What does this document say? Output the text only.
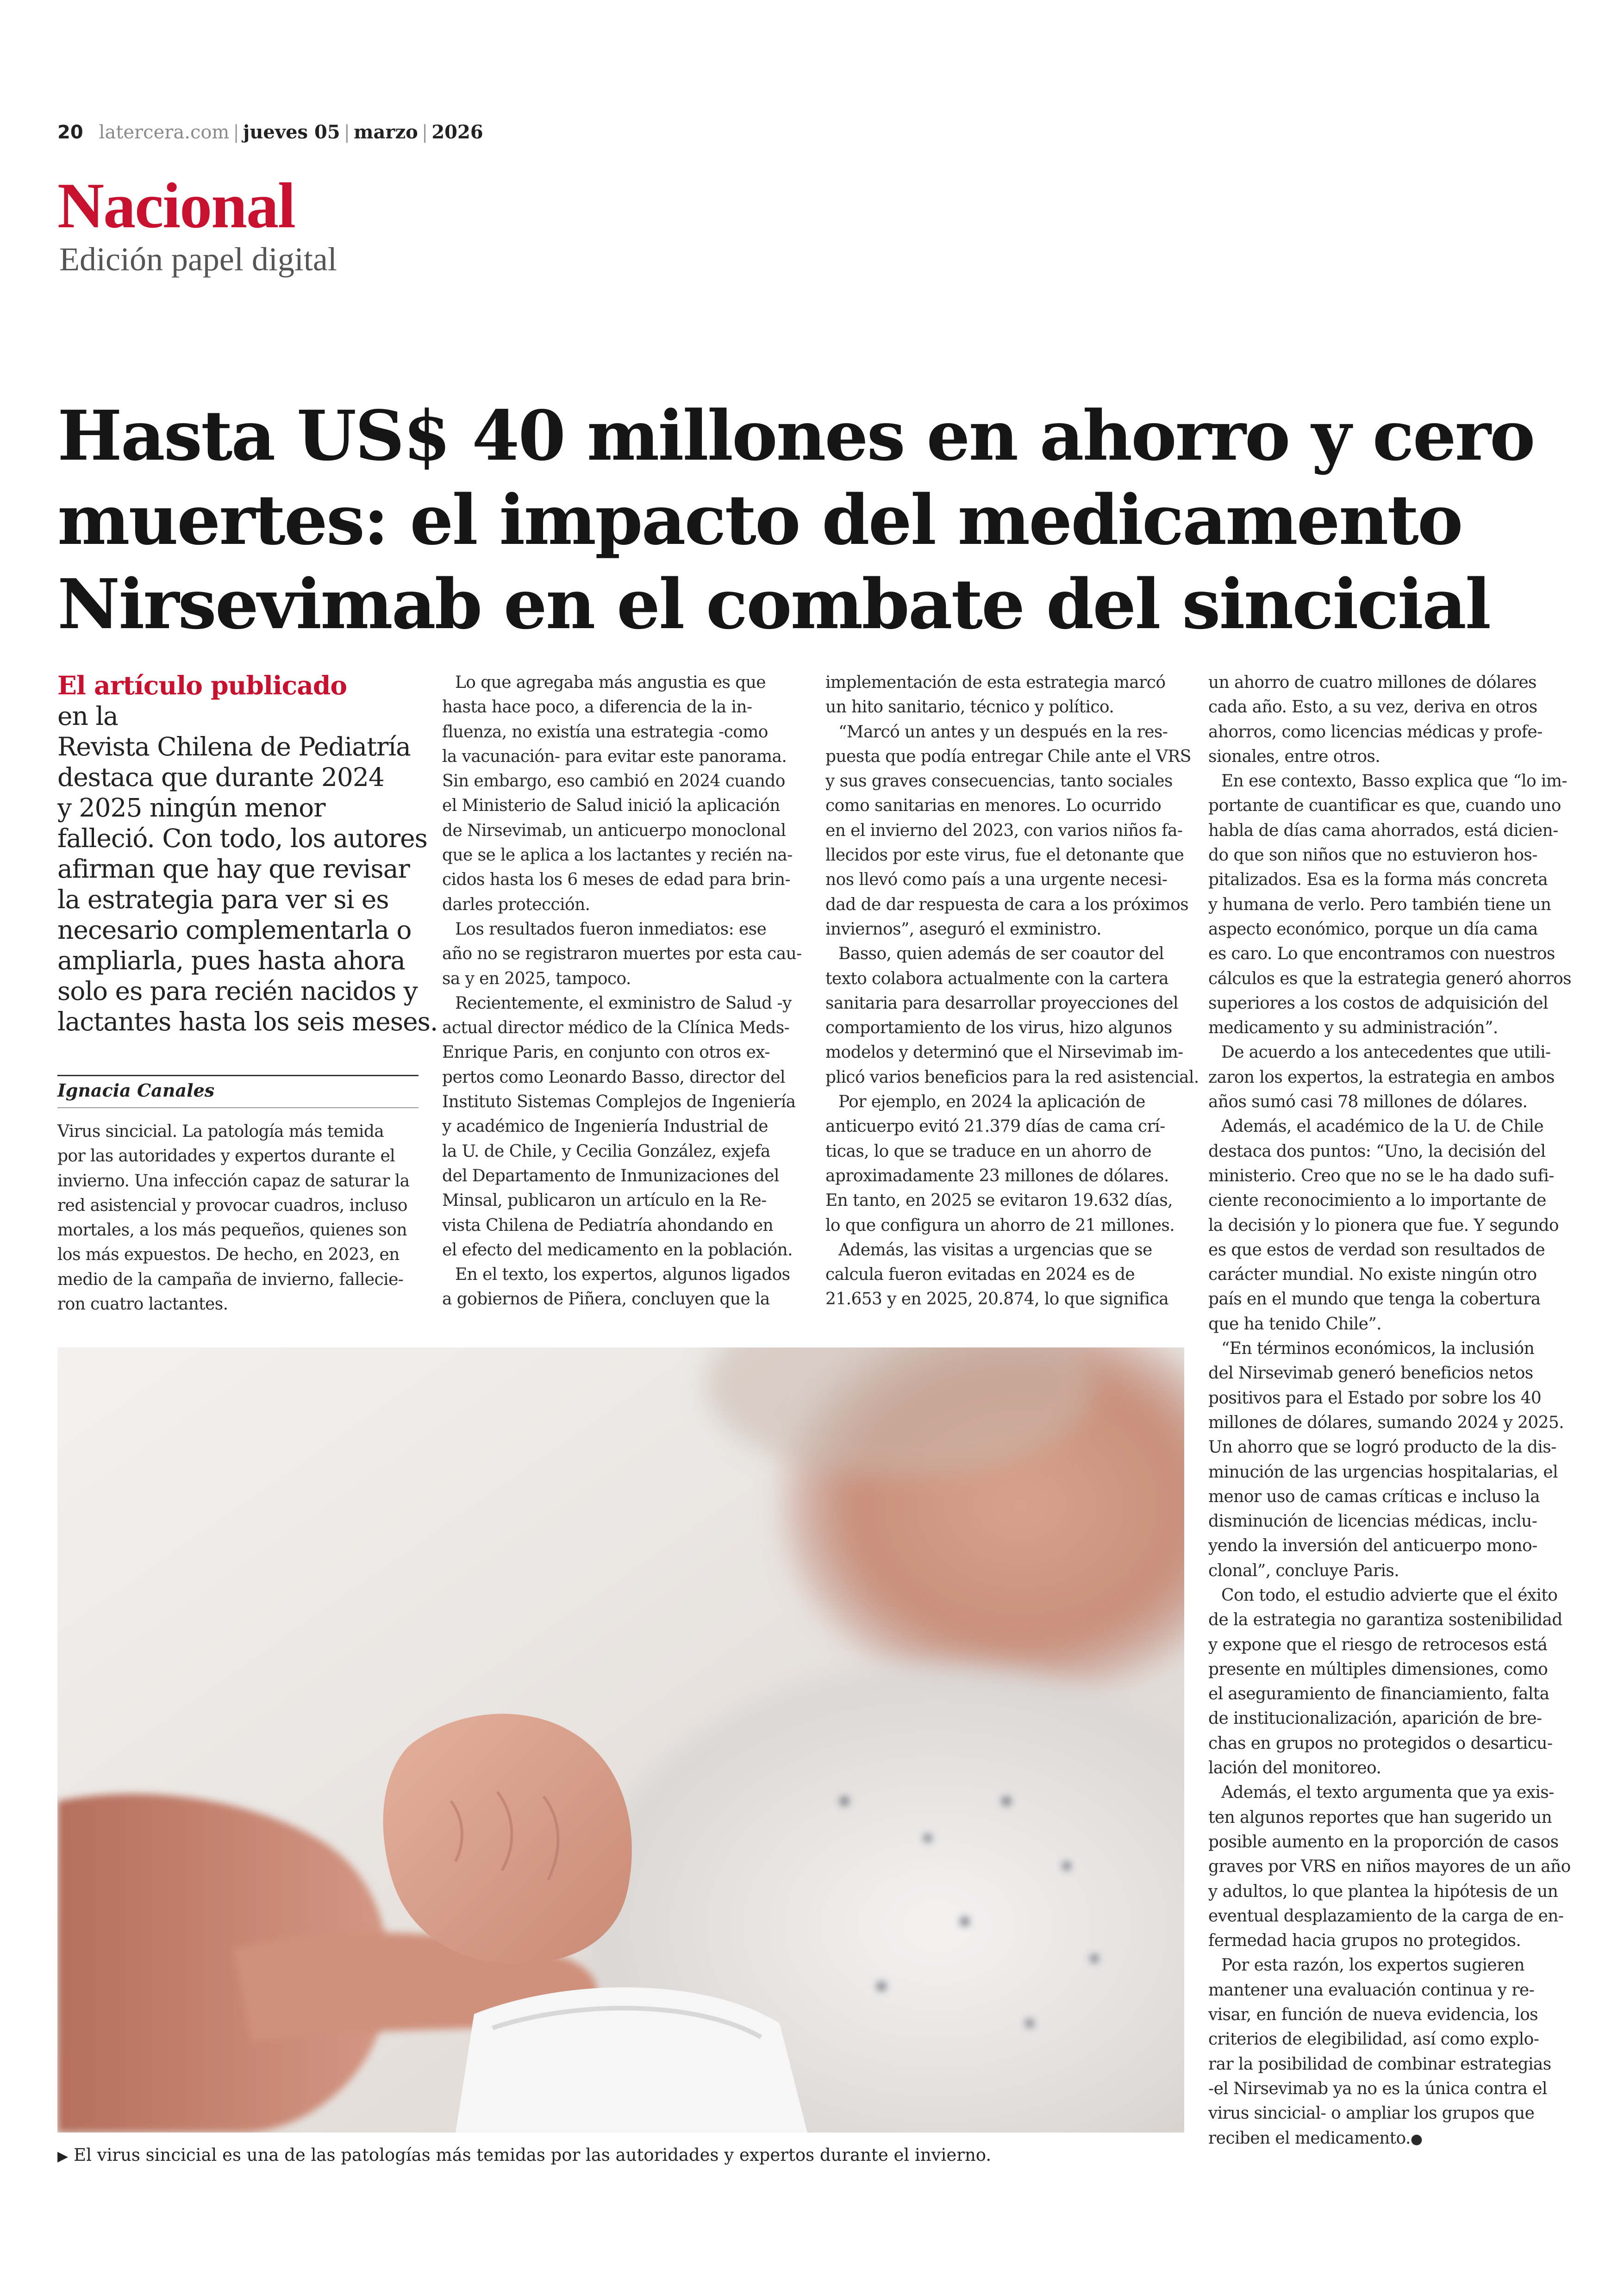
20 latercera.com | jueves 05 | marzo | 2026
Nacional
Edición papel digital
Hasta US$ 40 millones en ahorro y cero
muertes: el impacto del medicamento
Nirsevimab en el combate del sincicial
El artículo publicado
en la
Revista Chilena de Pediatría
destaca que durante 2024
y 2025 ningún menor
falleció. Con todo, los autores
afirman que hay que revisar
la estrategia para ver si es
necesario complementarla o
ampliarla, pues hasta ahora
solo es para recién nacidos y
lactantes hasta los seis meses.
Ignacia Canales
Virus sincicial. La patología más temida
por las autoridades y expertos durante el
invierno. Una infección capaz de saturar la
red asistencial y provocar cuadros, incluso
mortales, a los más pequeños, quienes son
los más expuestos. De hecho, en 2023, en
medio de la campaña de invierno, fallecie-
ron cuatro lactantes.
Lo que agregaba más angustia es que
hasta hace poco, a diferencia de la in-
fluenza, no existía una estrategia -como
la vacunación- para evitar este panorama.
Sin embargo, eso cambió en 2024 cuando
el Ministerio de Salud inició la aplicación
de Nirsevimab, un anticuerpo monoclonal
que se le aplica a los lactantes y recién na-
cidos hasta los 6 meses de edad para brin-
darles protección.
Los resultados fueron inmediatos: ese
año no se registraron muertes por esta cau-
sa y en 2025, tampoco.
Recientemente, el exministro de Salud -y
actual director médico de la Clínica Meds-
Enrique Paris, en conjunto con otros ex-
pertos como Leonardo Basso, director del
Instituto Sistemas Complejos de Ingeniería
y académico de Ingeniería Industrial de
la U. de Chile, y Cecilia González, exjefa
del Departamento de Inmunizaciones del
Minsal, publicaron un artículo en la Re-
vista Chilena de Pediatría ahondando en
el efecto del medicamento en la población.
En el texto, los expertos, algunos ligados
a gobiernos de Piñera, concluyen que la
implementación de esta estrategia marcó
un hito sanitario, técnico y político.
“Marcó un antes y un después en la res-
puesta que podía entregar Chile ante el VRS
y sus graves consecuencias, tanto sociales
como sanitarias en menores. Lo ocurrido
en el invierno del 2023, con varios niños fa-
llecidos por este virus, fue el detonante que
nos llevó como país a una urgente necesi-
dad de dar respuesta de cara a los próximos
inviernos”, aseguró el exministro.
Basso, quien además de ser coautor del
texto colabora actualmente con la cartera
sanitaria para desarrollar proyecciones del
comportamiento de los virus, hizo algunos
modelos y determinó que el Nirsevimab im-
plicó varios beneficios para la red asistencial.
Por ejemplo, en 2024 la aplicación de
anticuerpo evitó 21.379 días de cama crí-
ticas, lo que se traduce en un ahorro de
aproximadamente 23 millones de dólares.
En tanto, en 2025 se evitaron 19.632 días,
lo que configura un ahorro de 21 millones.
Además, las visitas a urgencias que se
calcula fueron evitadas en 2024 es de
21.653 y en 2025, 20.874, lo que significa
un ahorro de cuatro millones de dólares
cada año. Esto, a su vez, deriva en otros
ahorros, como licencias médicas y profe-
sionales, entre otros.
En ese contexto, Basso explica que “lo im-
portante de cuantificar es que, cuando uno
habla de días cama ahorrados, está dicien-
do que son niños que no estuvieron hos-
pitalizados. Esa es la forma más concreta
y humana de verlo. Pero también tiene un
aspecto económico, porque un día cama
es caro. Lo que encontramos con nuestros
cálculos es que la estrategia generó ahorros
superiores a los costos de adquisición del
medicamento y su administración”.
De acuerdo a los antecedentes que utili-
zaron los expertos, la estrategia en ambos
años sumó casi 78 millones de dólares.
Además, el académico de la U. de Chile
destaca dos puntos: “Uno, la decisión del
ministerio. Creo que no se le ha dado sufi-
ciente reconocimiento a lo importante de
la decisión y lo pionera que fue. Y segundo
es que estos de verdad son resultados de
carácter mundial. No existe ningún otro
país en el mundo que tenga la cobertura
que ha tenido Chile”.
“En términos económicos, la inclusión
del Nirsevimab generó beneficios netos
positivos para el Estado por sobre los 40
millones de dólares, sumando 2024 y 2025.
Un ahorro que se logró producto de la dis-
minución de las urgencias hospitalarias, el
menor uso de camas críticas e incluso la
disminución de licencias médicas, inclu-
yendo la inversión del anticuerpo mono-
clonal”, concluye Paris.
Con todo, el estudio advierte que el éxito
de la estrategia no garantiza sostenibilidad
y expone que el riesgo de retrocesos está
presente en múltiples dimensiones, como
el aseguramiento de financiamiento, falta
de institucionalización, aparición de bre-
chas en grupos no protegidos o desarticu-
lación del monitoreo.
Además, el texto argumenta que ya exis-
ten algunos reportes que han sugerido un
posible aumento en la proporción de casos
graves por VRS en niños mayores de un año
y adultos, lo que plantea la hipótesis de un
eventual desplazamiento de la carga de en-
fermedad hacia grupos no protegidos.
Por esta razón, los expertos sugieren
mantener una evaluación continua y re-
visar, en función de nueva evidencia, los
criterios de elegibilidad, así como explo-
rar la posibilidad de combinar estrategias
-el Nirsevimab ya no es la única contra el
virus sincicial- o ampliar los grupos que
reciben el medicamento.●
▶ El virus sincicial es una de las patologías más temidas por las autoridades y expertos durante el invierno.
